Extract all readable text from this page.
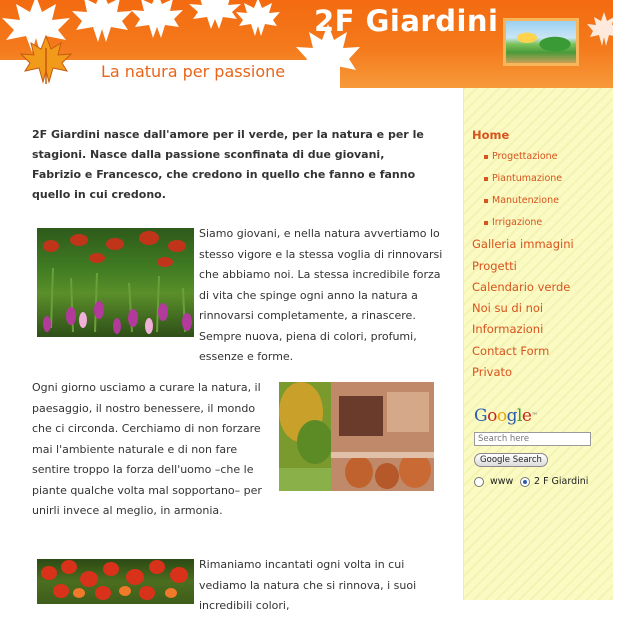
2F Giardini
La natura per passione
2F Giardini nasce dall'amore per il verde, per la natura e per le stagioni. Nasce dalla passione sconfinata di due giovani, Fabrizio e Francesco, che credono in quello che fanno e fanno quello in cui credono.
Siamo giovani, e nella natura avvertiamo lo stesso vigore e la stessa voglia di rinnovarsi che abbiamo noi. La stessa incredibile forza di vita che spinge ogni anno la natura a rinnovarsi completamente, a rinascere. Sempre nuova, piena di colori, profumi, essenze e forme.
Ogni giorno usciamo a curare la natura, il paesaggio, il nostro benessere, il mondo che ci circonda. Cerchiamo di non forzare mai l'ambiente naturale e di non fare sentire troppo la forza dell'uomo –che le piante qualche volta mal sopportano– per unirli invece al meglio, in armonia.
Rimaniamo incantati ogni volta in cui vediamo la natura che si rinnova, i suoi incredibili colori,
Home
Progettazione
Piantumazione
Manutenzione
Irrigazione
Galleria immagini
Progetti
Calendario verde
Noi su di noi
Informazioni
Contact Form
Privato
Google™
Search here
Google Search
www 2 F Giardini
